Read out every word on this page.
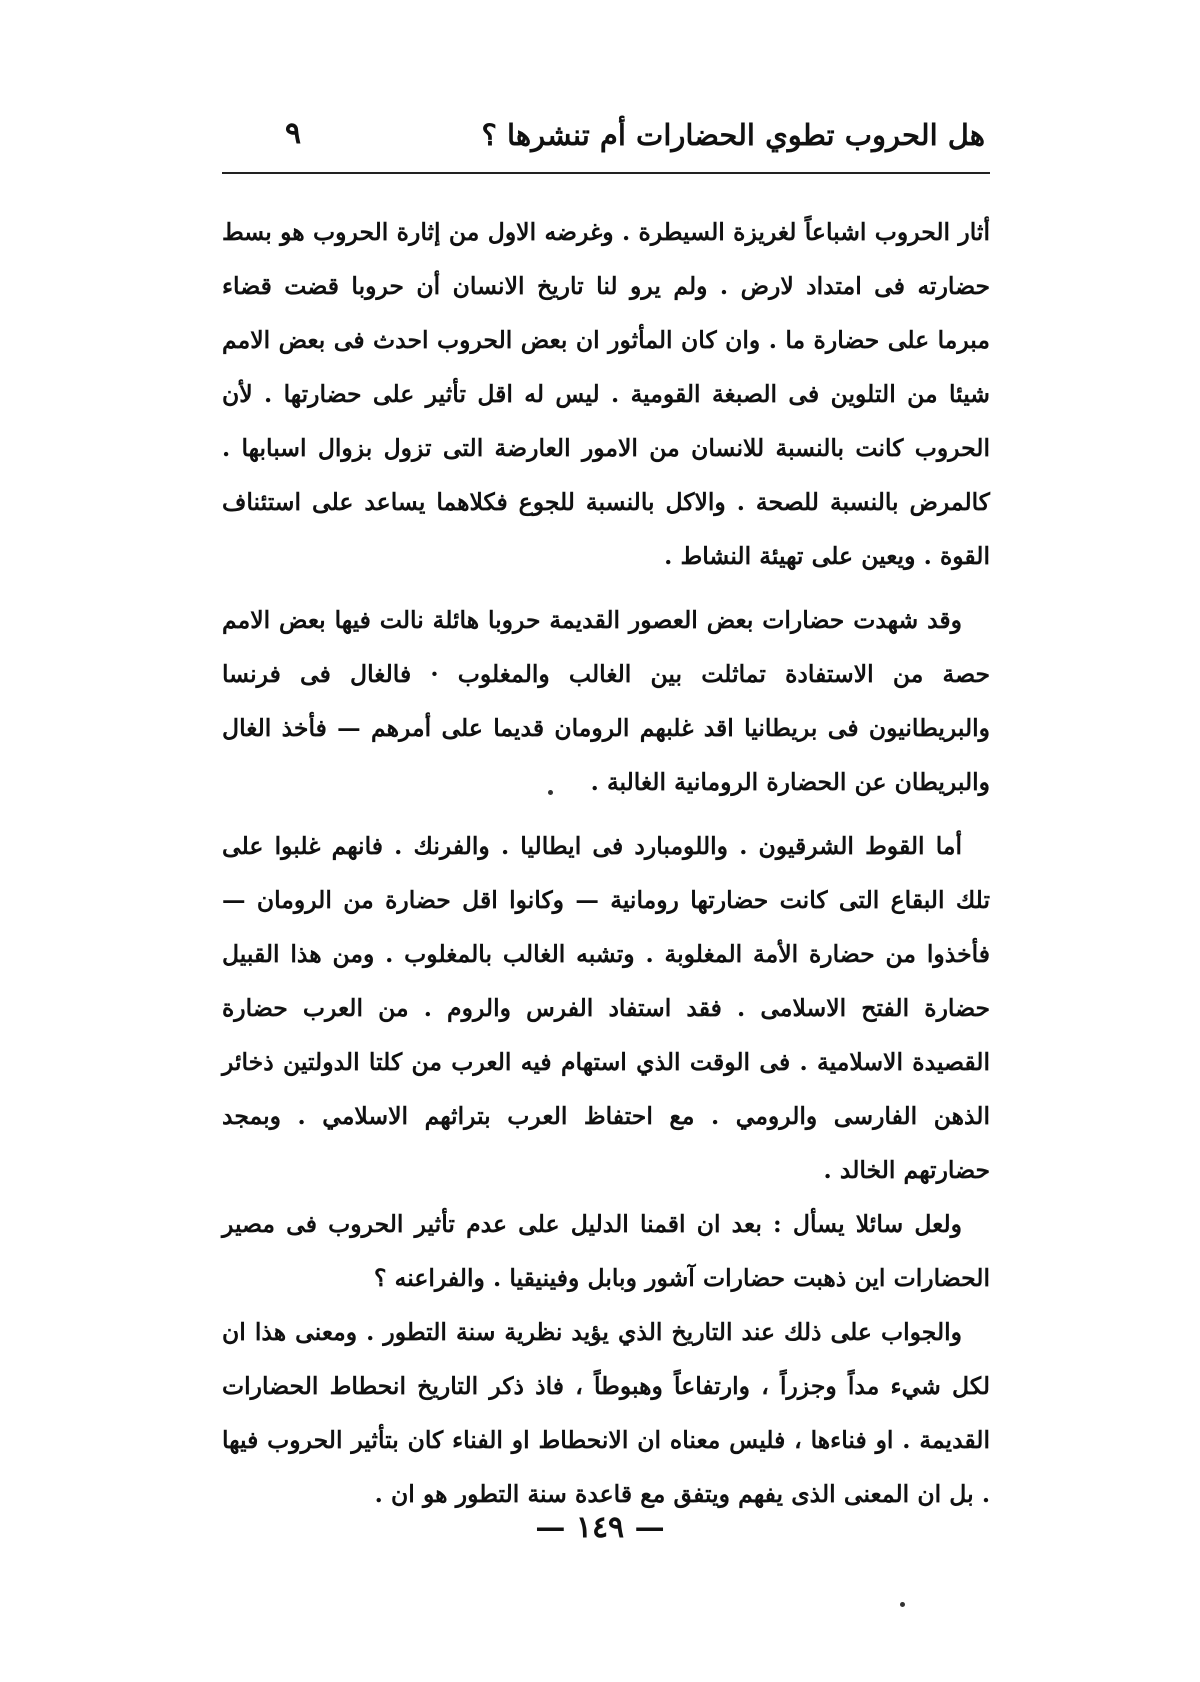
هل الحروب تطوي الحضارات أم تنشرها ؟
٩

أثار الحروب اشباعاً لغريزة السيطرة . وغرضه الاول من إثارة الحروب هو بسط حضارته فى امتداد لارض . ولم يرو لنا تاريخ الانسان أن حروبا قضت قضاء مبرما على حضارة ما . وان كان المأثور ان بعض الحروب احدث فى بعض الامم شيئا من التلوين فى الصبغة القومية . ليس له اقل تأثير على حضارتها . لأن الحروب كانت بالنسبة للانسان من الامور العارضة التى تزول بزوال اسبابها . كالمرض بالنسبة للصحة . والاكل بالنسبة للجوع فكلاهما يساعد على استئناف القوة . ويعين على تهيئة النشاط .

وقد شهدت حضارات بعض العصور القديمة حروبا هائلة نالت فيها بعض الامم حصة من الاستفادة تماثلت بين الغالب والمغلوب · فالغال فى فرنسا والبريطانيون فى بريطانيا اقد غلبهم الرومان قديما على أمرهم — فأخذ الغال والبريطان عن الحضارة الرومانية الغالبة .

أما القوط الشرقيون . واللومبارد فى ايطاليا . والفرنك . فانهم غلبوا على تلك البقاع التى كانت حضارتها رومانية — وكانوا اقل حضارة من الرومان — فأخذوا من حضارة الأمة المغلوبة . وتشبه الغالب بالمغلوب . ومن هذا القبيل حضارة الفتح الاسلامى . فقد استفاد الفرس والروم . من العرب حضارة القصيدة الاسلامية . فى الوقت الذي استهام فيه العرب من كلتا الدولتين ذخائر الذهن الفارسى والرومي . مع احتفاظ العرب بتراثهم الاسلامي . وبمجد حضارتهم الخالد .

ولعل سائلا يسأل : بعد ان اقمنا الدليل على عدم تأثير الحروب فى مصير الحضارات اين ذهبت حضارات آشور وبابل وفينيقيا . والفراعنه ؟

والجواب على ذلك عند التاريخ الذي يؤيد نظرية سنة التطور . ومعنى هذا ان لكل شيء مداً وجزراً ، وارتفاعاً وهبوطاً ، فاذ ذكر التاريخ انحطاط الحضارات القديمة . او فناءها ، فليس معناه ان الانحطاط او الفناء كان بتأثير الحروب فيها . بل ان المعنى الذى يفهم ويتفق مع قاعدة سنة التطور هو ان .

— ١٤٩ —
